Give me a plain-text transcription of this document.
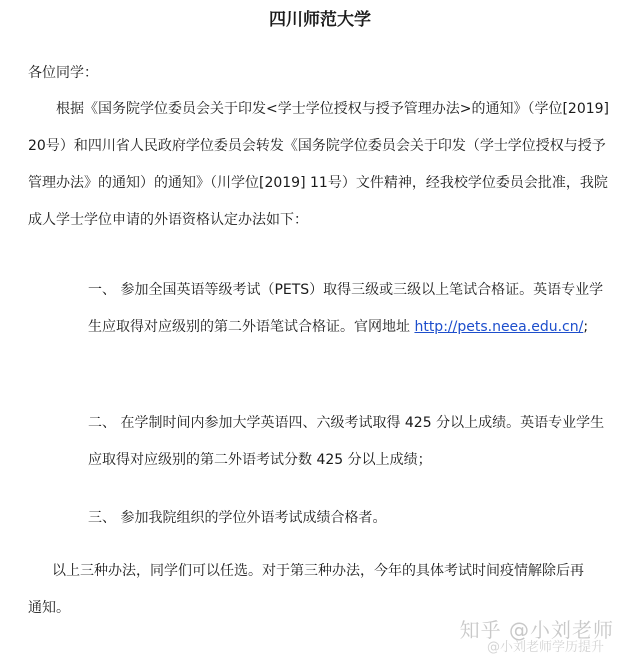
四川师范大学
各位同学：

根据《国务院学位委员会关于印发<学士学位授权与授予管理办法>的通知》（学位[2019]20号）和四川省人民政府学位委员会转发《国务院学位委员会关于印发（学士学位授权与授予管理办法》的通知）的通知》（川学位[2019] 11号）文件精神，经我校学位委员会批准，我院成人学士学位申请的外语资格认定办法如下：

一、 参加全国英语等级考试（PETS）取得三级或三级以上笔试合格证。英语专业学生应取得对应级别的第二外语笔试合格证。官网地址 http://pets.neea.edu.cn/;

二、 在学制时间内参加大学英语四、六级考试取得 425 分以上成绩。英语专业学生应取得对应级别的第二外语考试分数 425 分以上成绩；

三、 参加我院组织的学位外语考试成绩合格者。

以上三种办法，同学们可以任选。对于第三种办法，今年的具体考试时间疫情解除后再通知。

知乎 @小刘老师
@小刘老师学历提升
